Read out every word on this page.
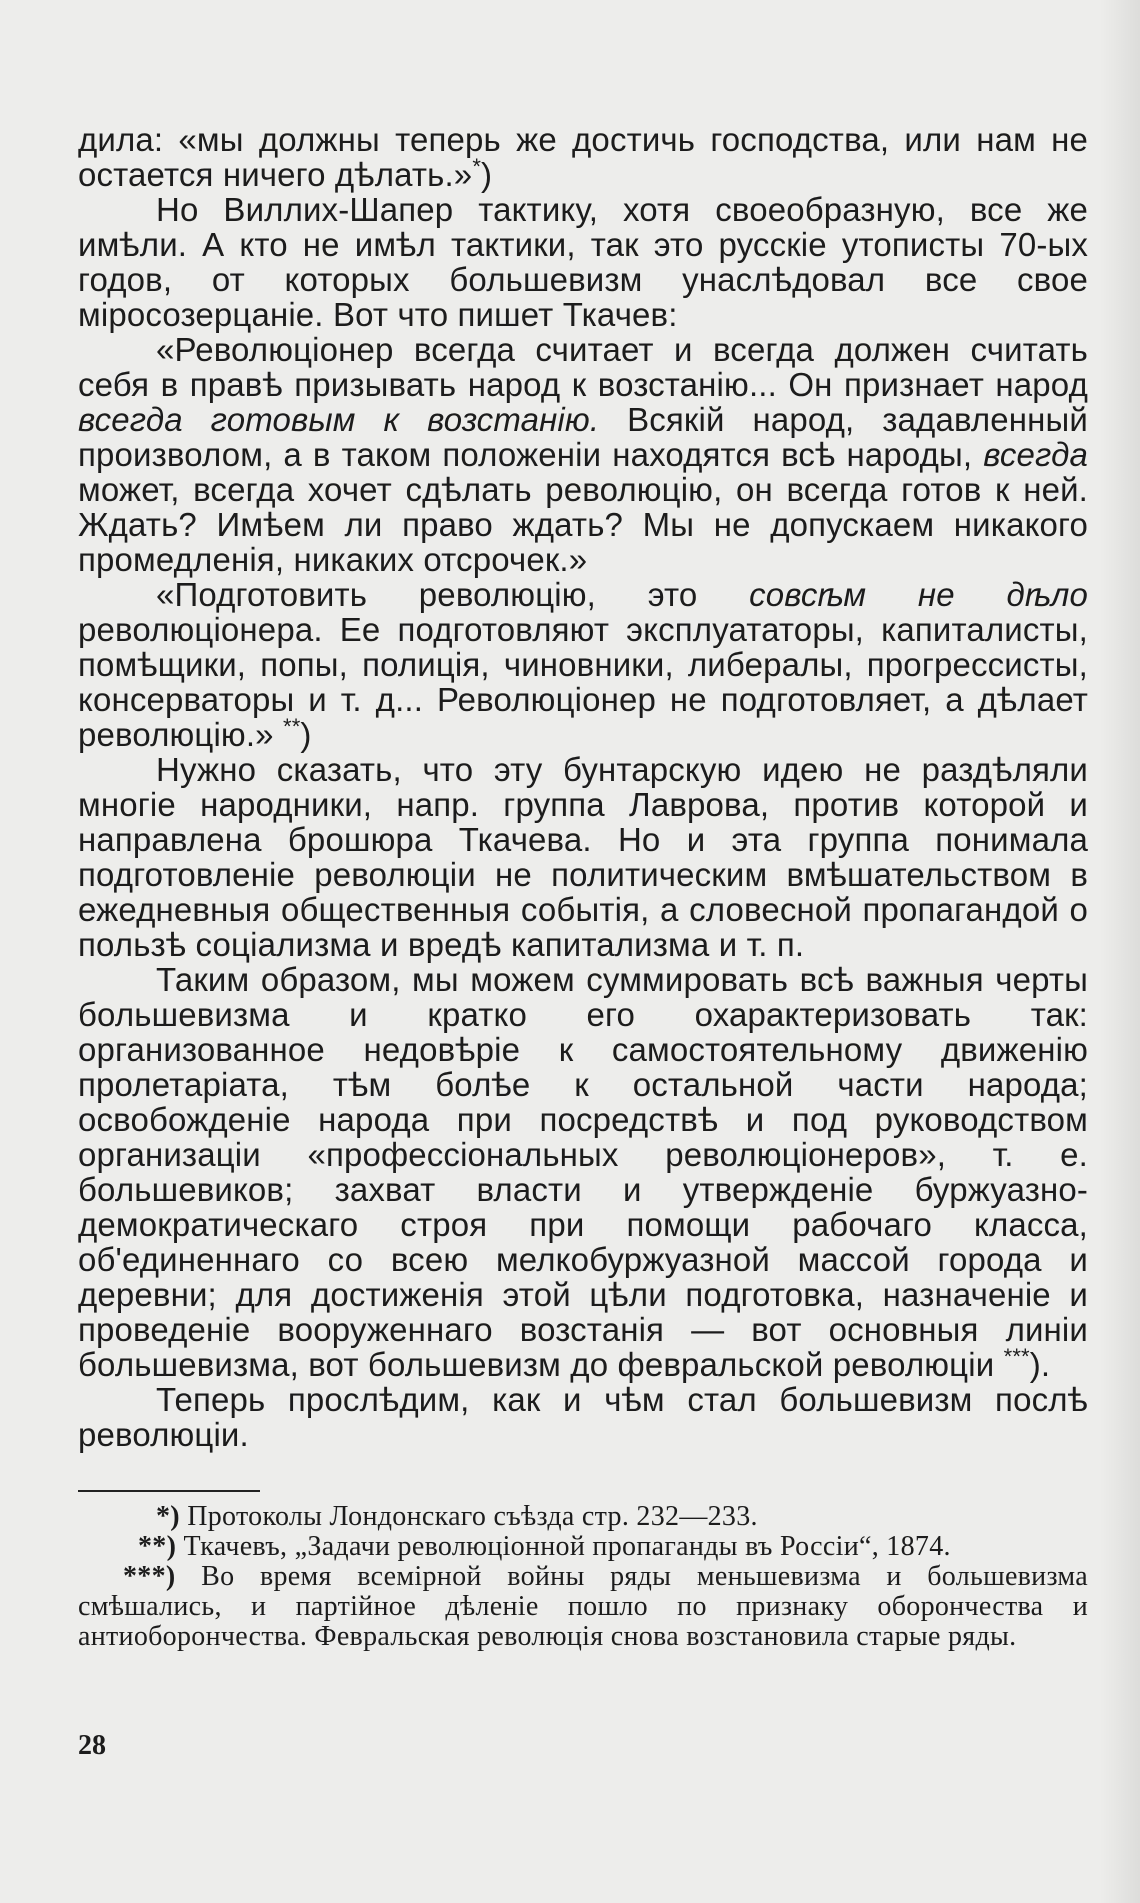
дила: «мы должны теперь же достичь господства, или нам не остается ничего дѣлать.»*)

Но Виллих-Шапер тактику, хотя своеобразную, все же имѣли. А кто не имѣл тактики, так это русскіе утописты 70-ых годов, от которых большевизм унаслѣдовал все свое міросозерцаніе. Вот что пишет Ткачев:

«Революціонер всегда считает и всегда должен считать себя в правѣ призывать народ к возстанію... Он признает народ всегда готовым к возстанію. Всякій народ, задавленный произволом, а в таком положеніи находятся всѣ народы, всегда может, всегда хочет сдѣлать революцію, он всегда готов к ней. Ждать? Имѣем ли право ждать? Мы не допускаем никакого промедленія, никаких отсрочек.»

«Подготовить революцію, это совсѣм не дѣло революціонера. Ее подготовляют эксплуататоры, капиталисты, помѣщики, попы, полиція, чиновники, либералы, прогрессисты, консерваторы и т. д... Революціонер не подготовляет, а дѣлает революцію.» **)

Нужно сказать, что эту бунтарскую идею не раздѣляли многіе народники, напр. группа Лаврова, против которой и направлена брошюра Ткачева. Но и эта группа понимала подготовленіе революціи не политическим вмѣшательством в ежедневныя общественныя событія, а словесной пропагандой о пользѣ соціализма и вредѣ капитализма и т. п.

Таким образом, мы можем суммировать всѣ важныя черты большевизма и кратко его охарактеризовать так: организованное недовѣріе к самостоятельному движенію пролетаріата, тѣм болѣе к остальной части народа; освобожденіе народа при посредствѣ и под руководством организаціи «профессіональных революціонеров», т. е. большевиков; захват власти и утвержденіе буржуазно-демократическаго строя при помощи рабочаго класса, об'единеннаго со всею мелкобуржуазной массой города и деревни; для достиженія этой цѣли подготовка, назначеніе и проведеніе вооруженнаго возстанія — вот основныя линіи большевизма, вот большевизм до февральской революціи ***).

Теперь прослѣдим, как и чѣм стал большевизм послѣ революціи.

*) Протоколы Лондонскаго съѣзда стр. 232—233.

**) Ткачевъ, „Задачи революціонной пропаганды въ Россіи“, 1874.

***) Во время всемірной войны ряды меньшевизма и большевизма смѣшались, и партійное дѣленіе пошло по признаку оборончества и антиоборончества. Февральская революція снова возстановила старые ряды.

28
